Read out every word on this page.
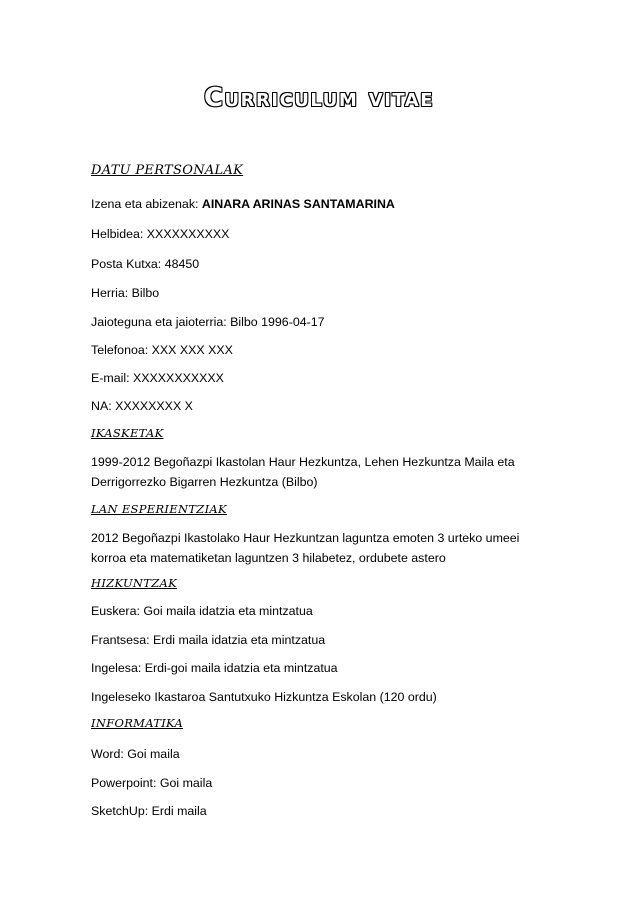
Curriculum vitae
DATU PERTSONALAK
Izena eta abizenak: AINARA ARINAS SANTAMARINA
Helbidea: XXXXXXXXXX
Posta Kutxa: 48450
Herria: Bilbo
Jaioteguna eta jaioterria: Bilbo 1996-04-17
Telefonoa: XXX XXX XXX
E-mail: XXXXXXXXXXX
NA: XXXXXXXX X
IKASKETAK
1999-2012 Begoñazpi Ikastolan Haur Hezkuntza, Lehen Hezkuntza Maila eta Derrigorrezko Bigarren Hezkuntza (Bilbo)
LAN ESPERIENTZIAK
2012 Begoñazpi Ikastolako Haur Hezkuntzan laguntza emoten 3 urteko umeei korroa eta matematiketan laguntzen 3 hilabetez, ordubete astero
HIZKUNTZAK
Euskera: Goi maila idatzia eta mintzatua
Frantsesa: Erdi maila idatzia eta mintzatua
Ingelesa: Erdi-goi maila idatzia eta mintzatua
Ingeleseko Ikastaroa Santutxuko Hizkuntza Eskolan (120 ordu)
INFORMATIKA
Word: Goi maila
Powerpoint: Goi maila
SketchUp: Erdi maila
